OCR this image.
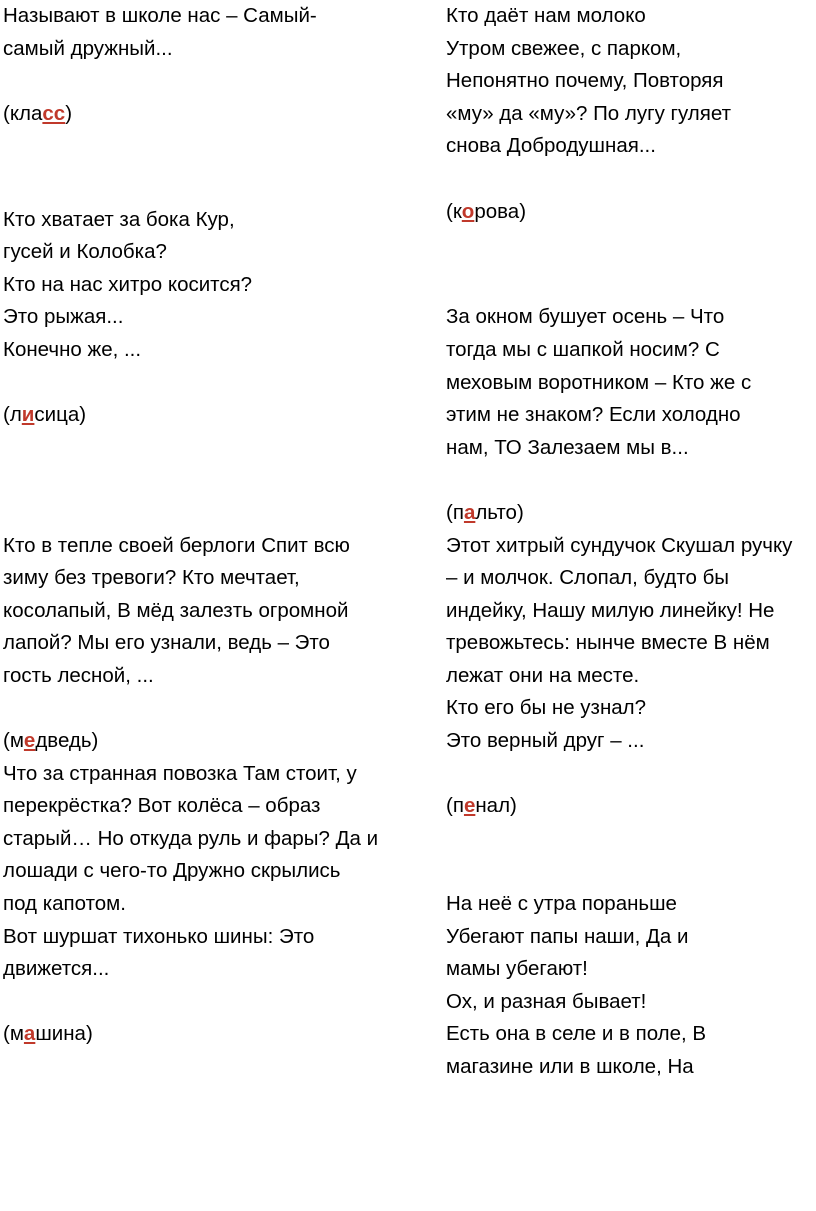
Называют в школе нас – Самый-
самый дружный...
(класс)
Кто хватает за бока Кур,
гусей и Колобка?
Кто на нас хитро косится?
Это рыжая...
Конечно же, ...
(лисица)
Кто в тепле своей берлоги Спит всю
зиму без тревоги? Кто мечтает,
косолапый, В мёд залезть огромной
лапой? Мы его узнали, ведь – Это
гость лесной, ...
(медведь)
Что за странная повозка Там стоит, у
перекрёстка? Вот колёса – образ
старый… Но откуда руль и фары? Да и
лошади с чего-то Дружно скрылись
под капотом.
Вот шуршат тихонько шины: Это
движется...
(машина)
Кто даёт нам молоко
Утром свежее, с парком,
Непонятно почему, Повторяя
«му» да «му»? По лугу гуляет
снова Добродушная...
(корова)
За окном бушует осень – Что
тогда мы с шапкой носим? С
меховым воротником – Кто же с
этим не знаком? Если холодно
нам, ТО Залезаем мы в...
(пальто)
Этот хитрый сундучок Скушал ручку
– и молчок. Слопал, будто бы
индейку, Нашу милую линейку! Не
тревожьтесь: нынче вместе В нём
лежат они на месте.
Кто его бы не узнал?
Это верный друг – ...
(пенал)
На неё с утра пораньше
Убегают папы наши, Да и
мамы убегают!
Ох, и разная бывает!
Есть она в селе и в поле, В
магазине или в школе, На
